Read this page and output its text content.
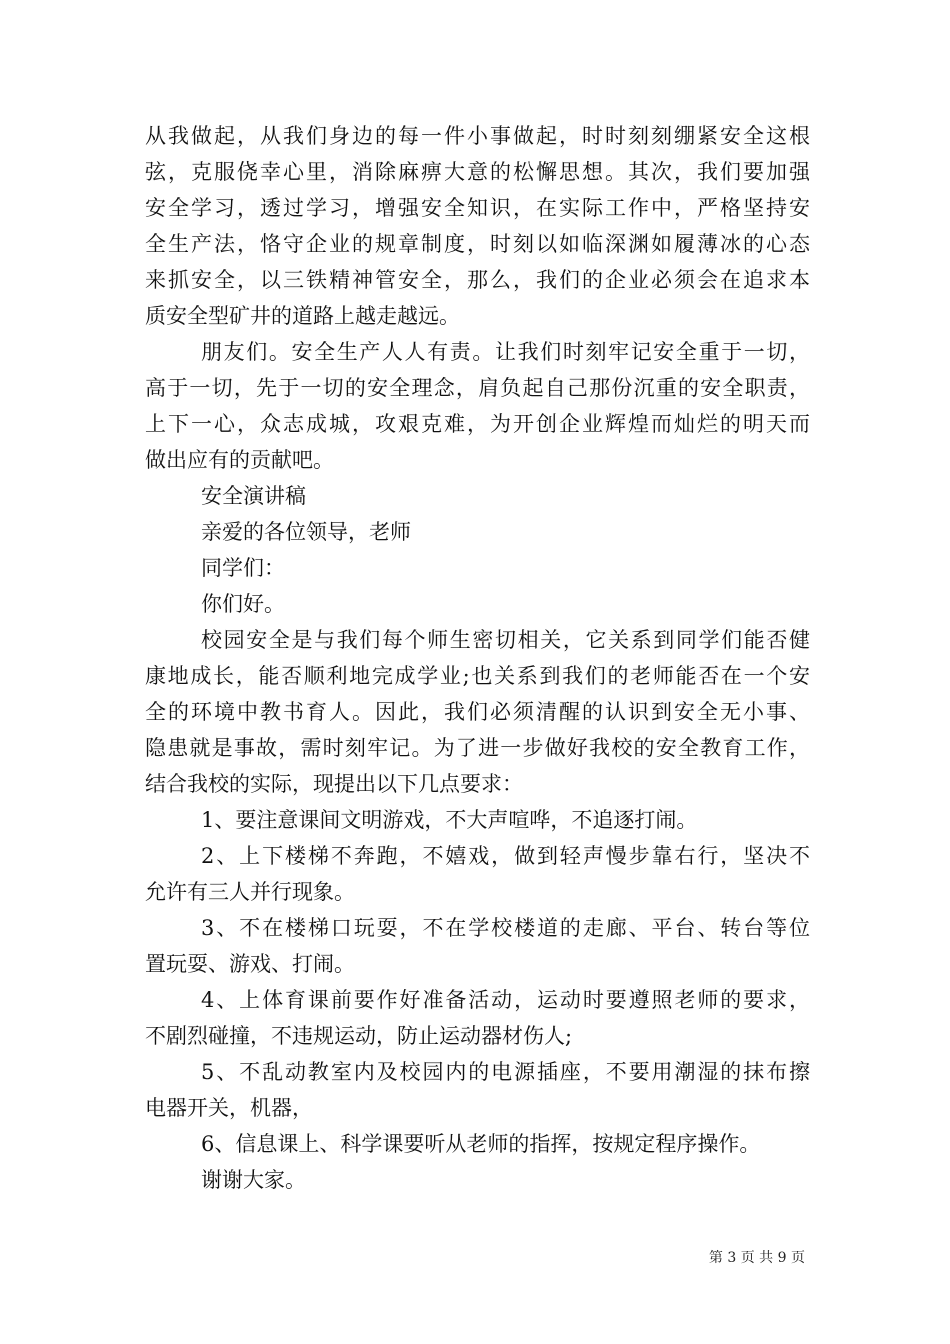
从我做起，从我们身边的每一件小事做起，时时刻刻绷紧安全这根
弦，克服侥幸心里，消除麻痹大意的松懈思想。其次，我们要加强
安全学习，透过学习，增强安全知识，在实际工作中，严格坚持安
全生产法，恪守企业的规章制度，时刻以如临深渊如履薄冰的心态
来抓安全，以三铁精神管安全，那么，我们的企业必须会在追求本
质安全型矿井的道路上越走越远。
朋友们。安全生产人人有责。让我们时刻牢记安全重于一切，
高于一切，先于一切的安全理念，肩负起自己那份沉重的安全职责，
上下一心，众志成城，攻艰克难，为开创企业辉煌而灿烂的明天而
做出应有的贡献吧。
安全演讲稿
亲爱的各位领导，老师
同学们：
你们好。
校园安全是与我们每个师生密切相关，它关系到同学们能否健
康地成长，能否顺利地完成学业;也关系到我们的老师能否在一个安
全的环境中教书育人。因此，我们必须清醒的认识到安全无小事、
隐患就是事故，需时刻牢记。为了进一步做好我校的安全教育工作，
结合我校的实际，现提出以下几点要求：
1、要注意课间文明游戏，不大声喧哗，不追逐打闹。
2、上下楼梯不奔跑，不嬉戏，做到轻声慢步靠右行，坚决不
允许有三人并行现象。
3、不在楼梯口玩耍，不在学校楼道的走廊、平台、转台等位
置玩耍、游戏、打闹。
4、上体育课前要作好准备活动，运动时要遵照老师的要求，
不剧烈碰撞，不违规运动，防止运动器材伤人;
5、不乱动教室内及校园内的电源插座，不要用潮湿的抹布擦
电器开关，机器，
6、信息课上、科学课要听从老师的指挥，按规定程序操作。
谢谢大家。
第 3 页 共 9 页
